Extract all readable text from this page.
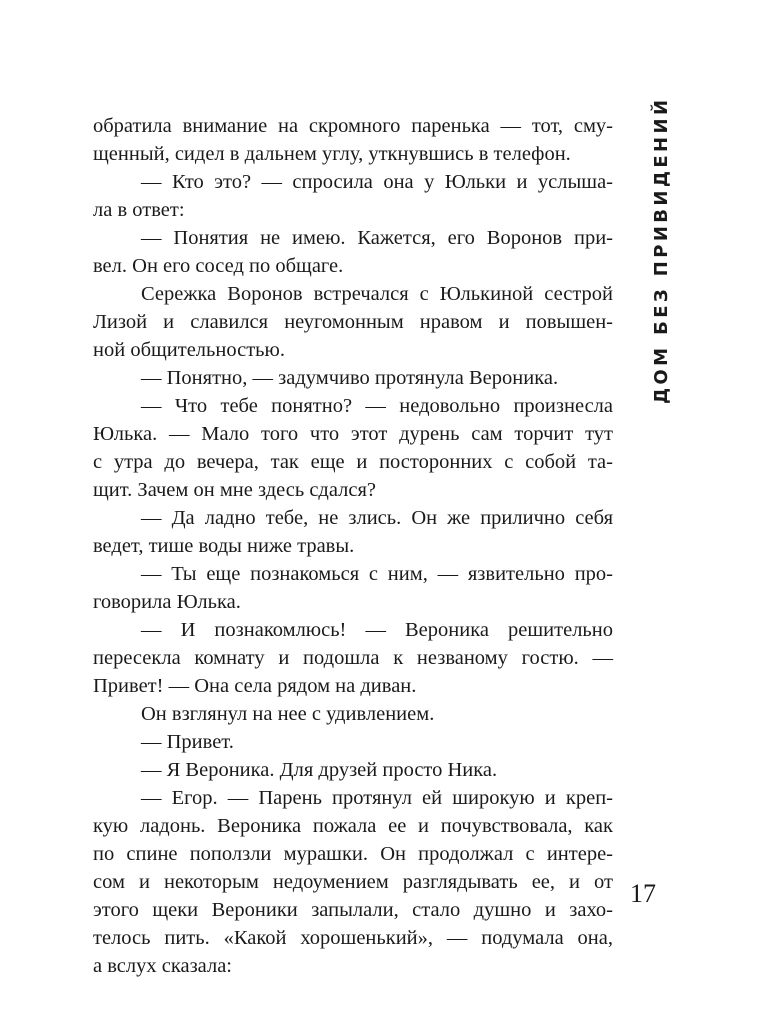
ДОМ БЕЗ ПРИВИДЕНИЙ
обратила внимание на скромного паренька — тот, сму-
щенный, сидел в дальнем углу, уткнувшись в телефон.
— Кто это? — спросила она у Юльки и услыша-
ла в ответ:
— Понятия не имею. Кажется, его Воронов при-
вел. Он его сосед по общаге.
Сережка Воронов встречался с Юлькиной сестрой
Лизой и славился неугомонным нравом и повышен-
ной общительностью.
— Понятно, — задумчиво протянула Вероника.
— Что тебе понятно? — недовольно произнесла
Юлька. — Мало того что этот дурень сам торчит тут
с утра до вечера, так еще и посторонних с собой та-
щит. Зачем он мне здесь сдался?
— Да ладно тебе, не злись. Он же прилично себя
ведет, тише воды ниже травы.
— Ты еще познакомься с ним, — язвительно про-
говорила Юлька.
— И познакомлюсь! — Вероника решительно
пересекла комнату и подошла к незваному гостю. —
Привет! — Она села рядом на диван.
Он взглянул на нее с удивлением.
— Привет.
— Я Вероника. Для друзей просто Ника.
— Егор. — Парень протянул ей широкую и креп-
кую ладонь. Вероника пожала ее и почувствовала, как
по спине поползли мурашки. Он продолжал с интере-
сом и некоторым недоумением разглядывать ее, и от
этого щеки Вероники запылали, стало душно и захо-
телось пить. «Какой хорошенький», — подумала она,
а вслух сказала:
17
